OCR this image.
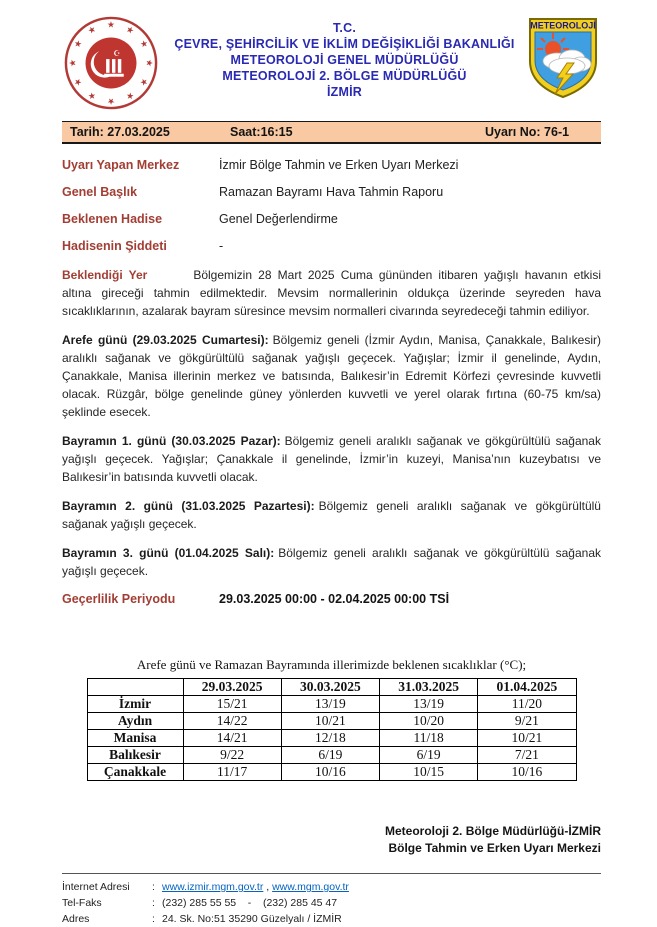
★ ★
★
★
★
★
★
★
★
★
★
★
☪
T.C.
ÇEVRE, ŞEHİRCİLİK VE İKLİM DEĞİŞİKLİĞİ BAKANLIĞI
METEOROLOJİ GENEL MÜDÜRLÜĞÜ
METEOROLOJİ 2. BÖLGE MÜDÜRLÜĞÜ
İZMİR
METEOROLOJİ
Tarih: 27.03.2025	Saat:16:15	Uyarı No: 76-1
Uyarı Yapan Merkez	İzmir Bölge Tahmin ve Erken Uyarı Merkezi
Genel Başlık	Ramazan Bayramı Hava Tahmin Raporu
Beklenen Hadise	Genel Değerlendirme
Hadisenin Şiddeti	-

Beklendiği Yer	Bölgemizin 28 Mart 2025 Cuma gününden itibaren yağışlı havanın etkisi altına gireceği tahmin edilmektedir. Mevsim normallerinin oldukça üzerinde seyreden hava sıcaklıklarının, azalarak bayram süresince mevsim normalleri civarında seyredeceği tahmin ediliyor.

Arefe günü (29.03.2025 Cumartesi): Bölgemiz geneli (İzmir Aydın, Manisa, Çanakkale, Balıkesir) aralıklı sağanak ve gökgürültülü sağanak yağışlı geçecek. Yağışlar; İzmir il genelinde, Aydın, Çanakkale, Manisa illerinin merkez ve batısında, Balıkesir’in Edremit Körfezi çevresinde kuvvetli olacak. Rüzgâr, bölge genelinde güney yönlerden kuvvetli ve yerel olarak fırtına (60-75 km/sa) şeklinde esecek.

Bayramın 1. günü (30.03.2025 Pazar): Bölgemiz geneli aralıklı sağanak ve gökgürültülü sağanak yağışlı geçecek. Yağışlar; Çanakkale il genelinde, İzmir’in kuzeyi, Manisa’nın kuzeybatısı ve Balıkesir’in batısında kuvvetli olacak.

Bayramın 2. günü (31.03.2025 Pazartesi): Bölgemiz geneli aralıklı sağanak ve gökgürültülü sağanak yağışlı geçecek.

Bayramın 3. günü (01.04.2025 Salı): Bölgemiz geneli aralıklı sağanak ve gökgürültülü sağanak yağışlı geçecek.

Geçerlilik Periyodu	29.03.2025 00:00 - 02.04.2025 00:00 TSİ
Arefe günü ve Ramazan Bayramında illerimizde beklenen sıcaklıklar (°C);
	29.03.2025	30.03.2025	31.03.2025	01.04.2025
İzmir	15/21	13/19	13/19	11/20
Aydın	14/22	10/21	10/20	9/21
Manisa	14/21	12/18	11/18	10/21
Balıkesir	9/22	6/19	6/19	7/21
Çanakkale	11/17	10/16	10/15	10/16
Meteoroloji 2. Bölge Müdürlüğü-İZMİR
Bölge Tahmin ve Erken Uyarı Merkezi
İnternet Adresi	: www.izmir.mgm.gov.tr , www.mgm.gov.tr
Tel-Faks	: (232) 285 55 55    -    (232) 285 45 47
Adres	: 24. Sk. No:51 35290 Güzelyalı / İZMİR
